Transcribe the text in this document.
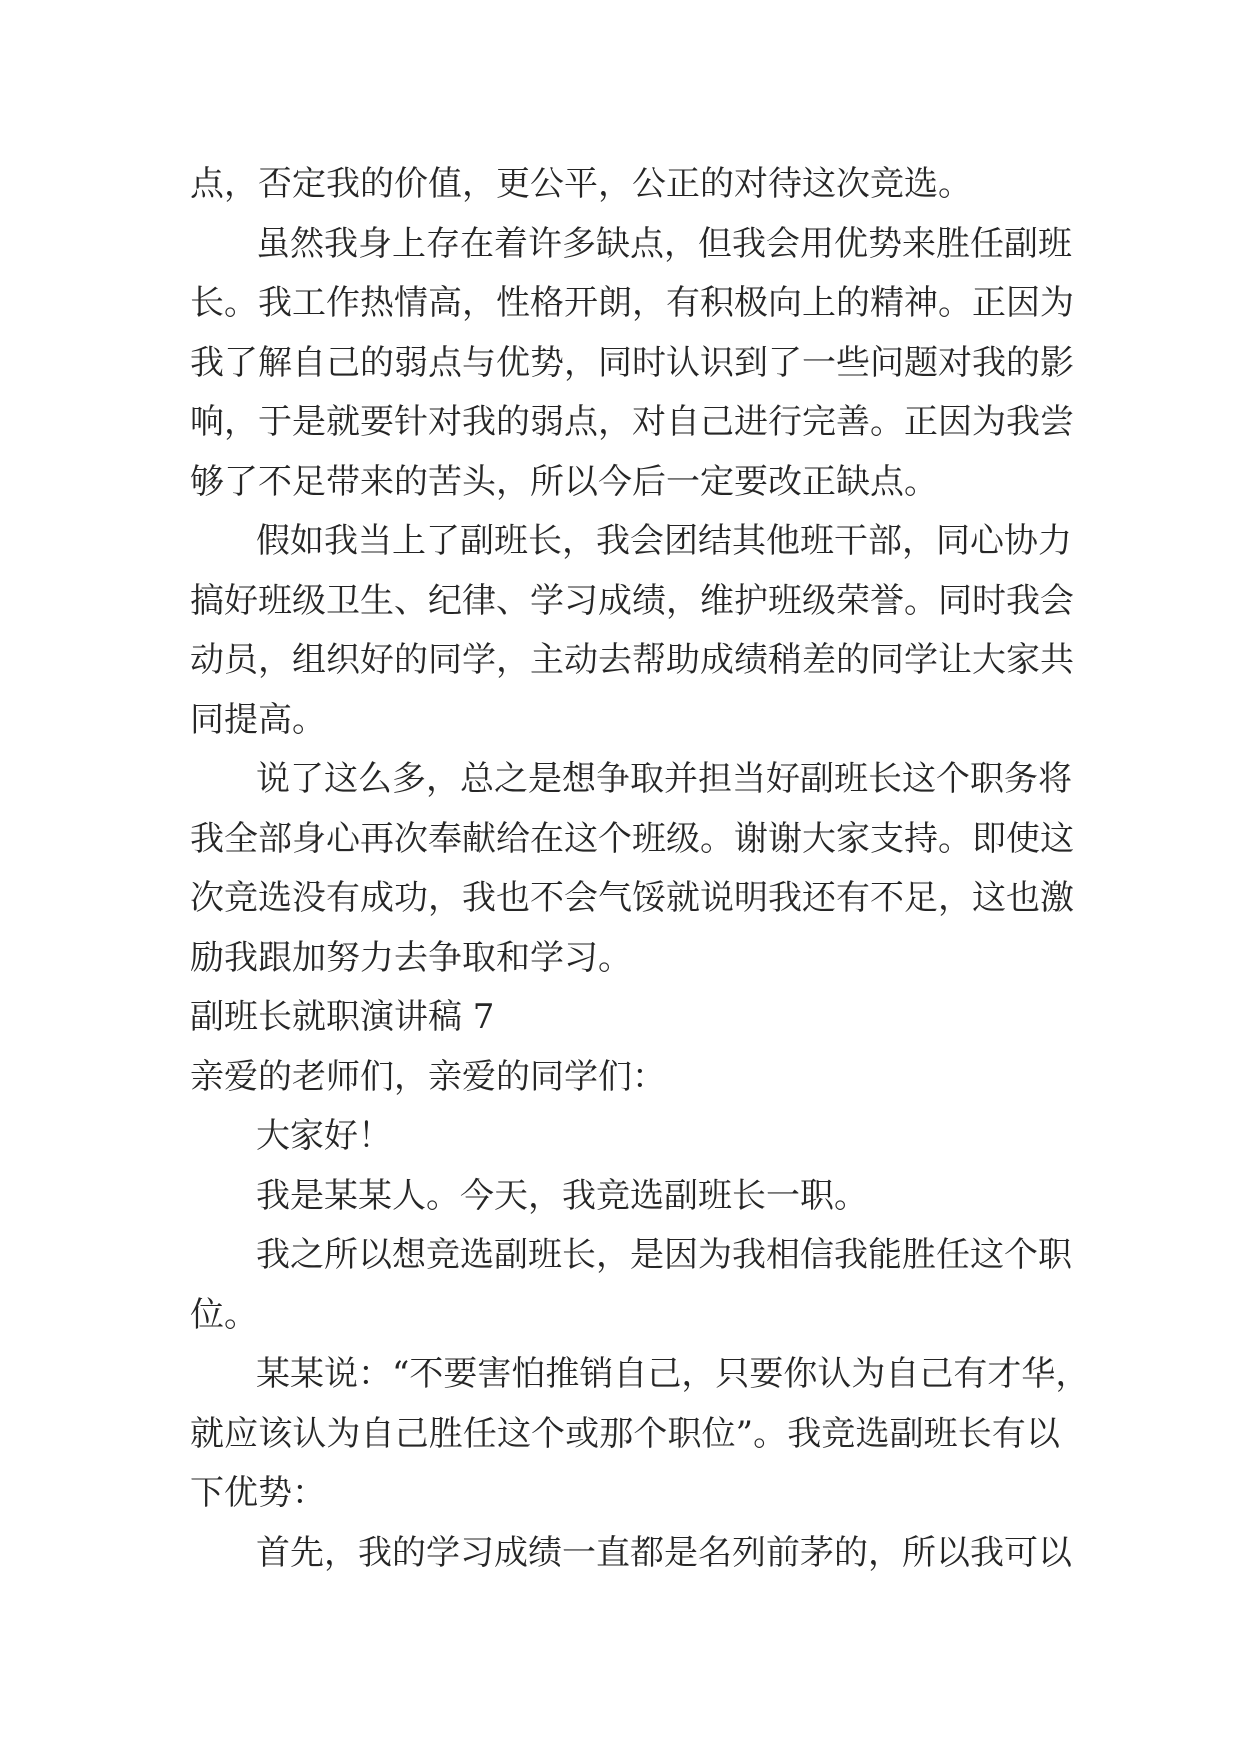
点，否定我的价值，更公平，公正的对待这次竞选。
虽然我身上存在着许多缺点，但我会用优势来胜任副班
长。我工作热情高，性格开朗，有积极向上的精神。正因为
我了解自己的弱点与优势，同时认识到了一些问题对我的影
响，于是就要针对我的弱点，对自己进行完善。正因为我尝
够了不足带来的苦头，所以今后一定要改正缺点。
假如我当上了副班长，我会团结其他班干部，同心协力
搞好班级卫生、纪律、学习成绩，维护班级荣誉。同时我会
动员，组织好的同学，主动去帮助成绩稍差的同学让大家共
同提高。
说了这么多，总之是想争取并担当好副班长这个职务将
我全部身心再次奉献给在这个班级。谢谢大家支持。即使这
次竞选没有成功，我也不会气馁就说明我还有不足，这也激
励我跟加努力去争取和学习。
副班长就职演讲稿 7
亲爱的老师们，亲爱的同学们：
大家好！
我是某某人。今天，我竞选副班长一职。
我之所以想竞选副班长，是因为我相信我能胜任这个职
位。
某某说：“不要害怕推销自己，只要你认为自己有才华，
就应该认为自己胜任这个或那个职位”。我竞选副班长有以
下优势：
首先，我的学习成绩一直都是名列前茅的，所以我可以
